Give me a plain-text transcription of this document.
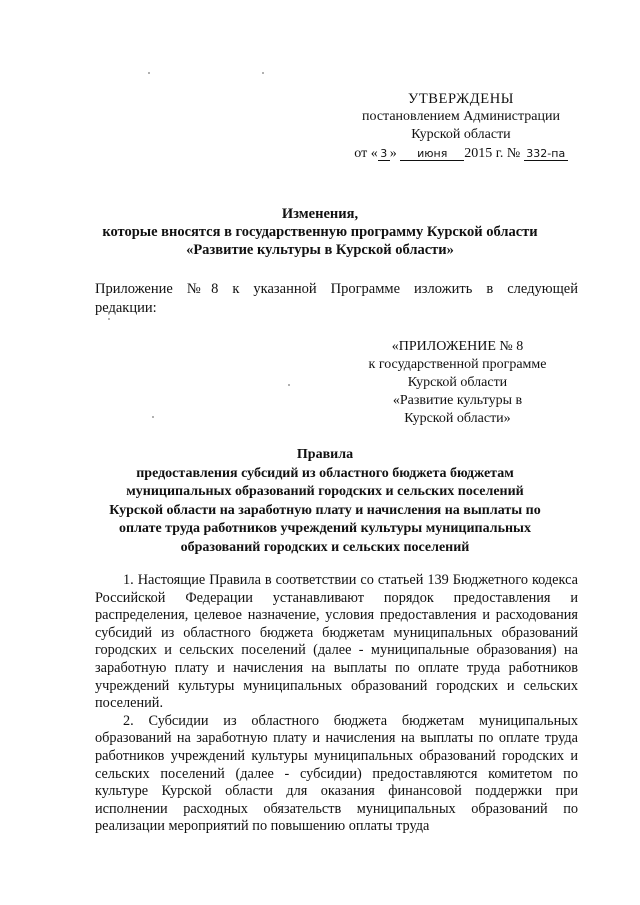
УТВЕРЖДЕНЫ
постановлением Администрации
Курской области
от « 3 » июня 2015 г. № 332-па
Изменения,
которые вносятся в государственную программу Курской области
«Развитие культуры в Курской области»
Приложение №8 к указанной Программе изложить в следующей
редакции:
«ПРИЛОЖЕНИЕ № 8
к государственной программе
Курской области
«Развитие культуры в
Курской области»
Правила
предоставления субсидий из областного бюджета бюджетам
муниципальных образований городских и сельских поселений
Курской области на заработную плату и начисления на выплаты по
оплате труда работников учреждений культуры муниципальных
образований городских и сельских поселений

1. Настоящие Правила в соответствии со статьей 139 Бюджетного кодекса Российской Федерации устанавливают порядок предоставления и распределения, целевое назначение, условия предоставления и расходования субсидий из областного бюджета бюджетам муниципальных образований городских и сельских поселений (далее - муниципальные образования) на заработную плату и начисления на выплаты по оплате труда работников учреждений культуры муниципальных образований городских и сельских поселений.

2. Субсидии из областного бюджета бюджетам муниципальных образований на заработную плату и начисления на выплаты по оплате труда работников учреждений культуры муниципальных образований городских и сельских поселений (далее - субсидии) предоставляются комитетом по культуре Курской области для оказания финансовой поддержки при исполнении расходных обязательств муниципальных образований по реализации мероприятий по повышению оплаты труда
